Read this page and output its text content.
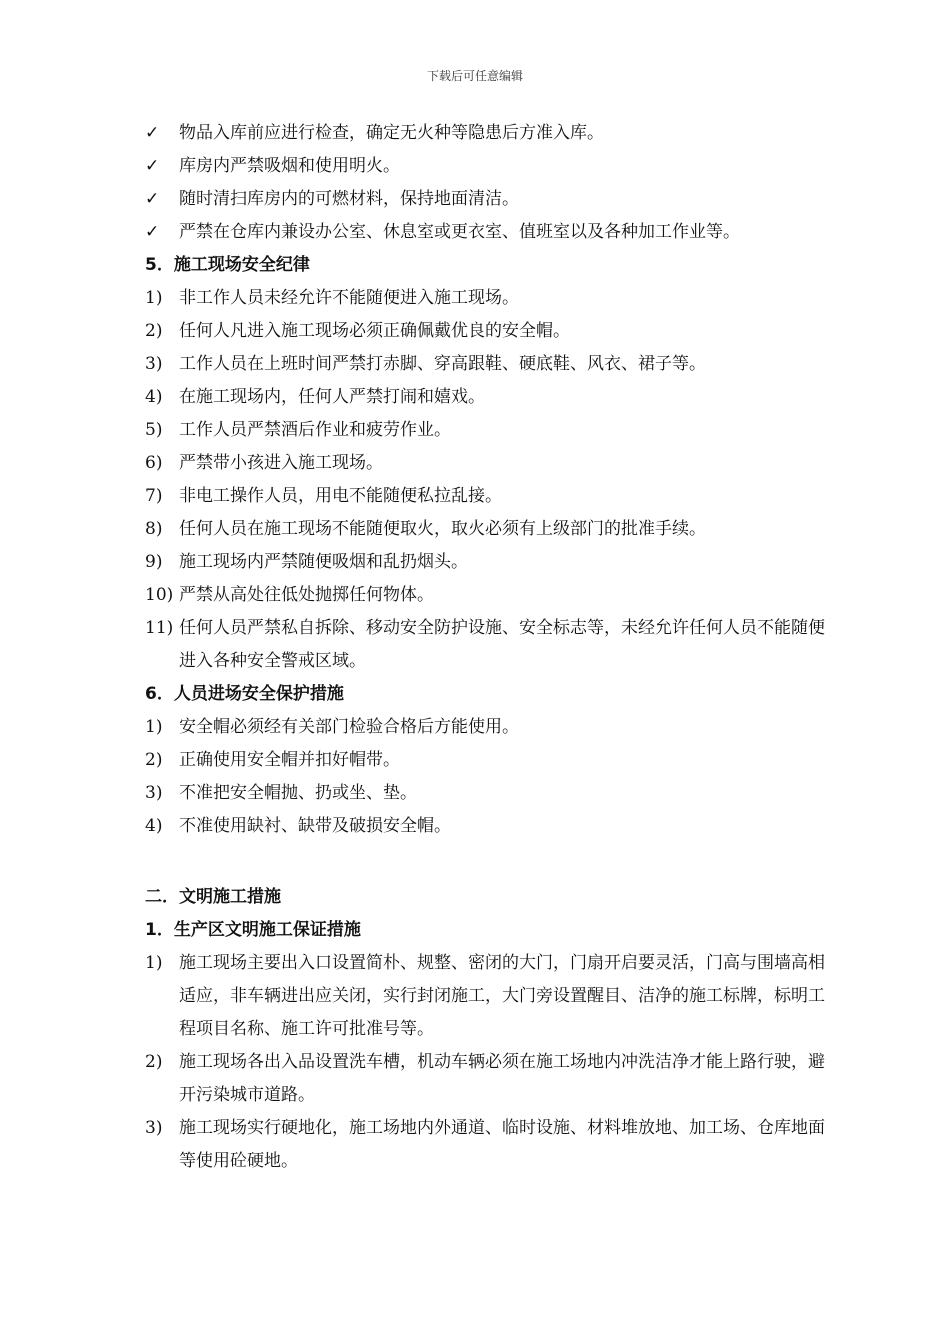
下载后可任意编辑
✓	物品入库前应进行检查，确定无火种等隐患后方准入库。
✓	库房内严禁吸烟和使用明火。
✓	随时清扫库房内的可燃材料，保持地面清洁。
✓	严禁在仓库内兼设办公室、休息室或更衣室、值班室以及各种加工作业等。
5．施工现场安全纪律
1) 非工作人员未经允许不能随便进入施工现场。
2) 任何人凡进入施工现场必须正确佩戴优良的安全帽。
3) 工作人员在上班时间严禁打赤脚、穿高跟鞋、硬底鞋、风衣、裙子等。
4) 在施工现场内，任何人严禁打闹和嬉戏。
5) 工作人员严禁酒后作业和疲劳作业。
6) 严禁带小孩进入施工现场。
7) 非电工操作人员，用电不能随便私拉乱接。
8) 任何人员在施工现场不能随便取火，取火必须有上级部门的批准手续。
9) 施工现场内严禁随便吸烟和乱扔烟头。
10) 严禁从高处往低处抛掷任何物体。
11) 任何人员严禁私自拆除、移动安全防护设施、安全标志等，未经允许任何人员不能随便进入各种安全警戒区域。
6．人员进场安全保护措施
1) 安全帽必须经有关部门检验合格后方能使用。
2) 正确使用安全帽并扣好帽带。
3) 不准把安全帽抛、扔或坐、垫。
4) 不准使用缺衬、缺带及破损安全帽。
二．文明施工措施
1．生产区文明施工保证措施
1) 施工现场主要出入口设置简朴、规整、密闭的大门，门扇开启要灵活，门高与围墙高相适应，非车辆进出应关闭，实行封闭施工，大门旁设置醒目、洁净的施工标牌，标明工程项目名称、施工许可批准号等。
2) 施工现场各出入品设置洗车槽，机动车辆必须在施工场地内冲洗洁净才能上路行驶，避开污染城市道路。
3) 施工现场实行硬地化，施工场地内外通道、临时设施、材料堆放地、加工场、仓库地面等使用砼硬地。
